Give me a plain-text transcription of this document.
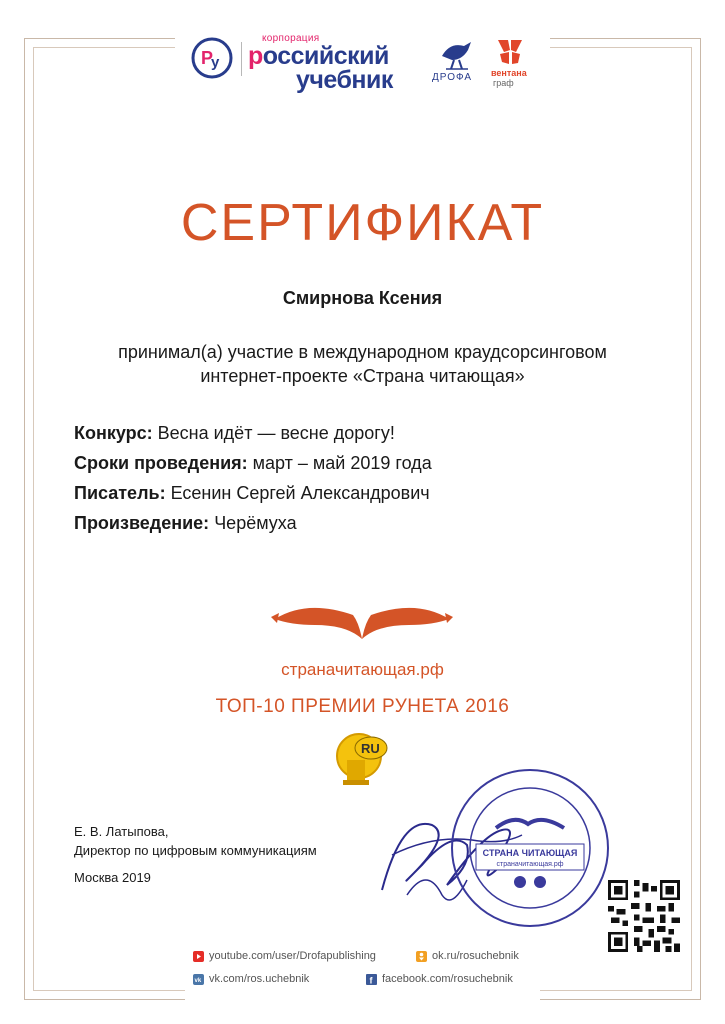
P
y
корпорация
российский
учебник	ДРОФА вентана
граф
СЕРТИФИКАТ
Смирнова Ксения
принимал(а) участие в международном краудсорсинговом
интернет-проекте «Страна читающая»
Конкурс: Весна идёт — весне дорогу!
Сроки проведения: март – май 2019 года
Писатель: Есенин Сергей Александрович
Произведение: Черёмуха
страначитающая.рф
ТОП-10 ПРЕМИИ РУНЕТА 2016
RU
Е. В. Латыпова,
Директор по цифровым коммуникациям
Москва 2019
СТРАНА ЧИТАЮЩАЯ
страначитающая.рф
youtube.com/user/Drofapublishing	ok.ru/rosuchebnik
vk vk.com/ros.uchebnik	f facebook.com/rosuchebnik
